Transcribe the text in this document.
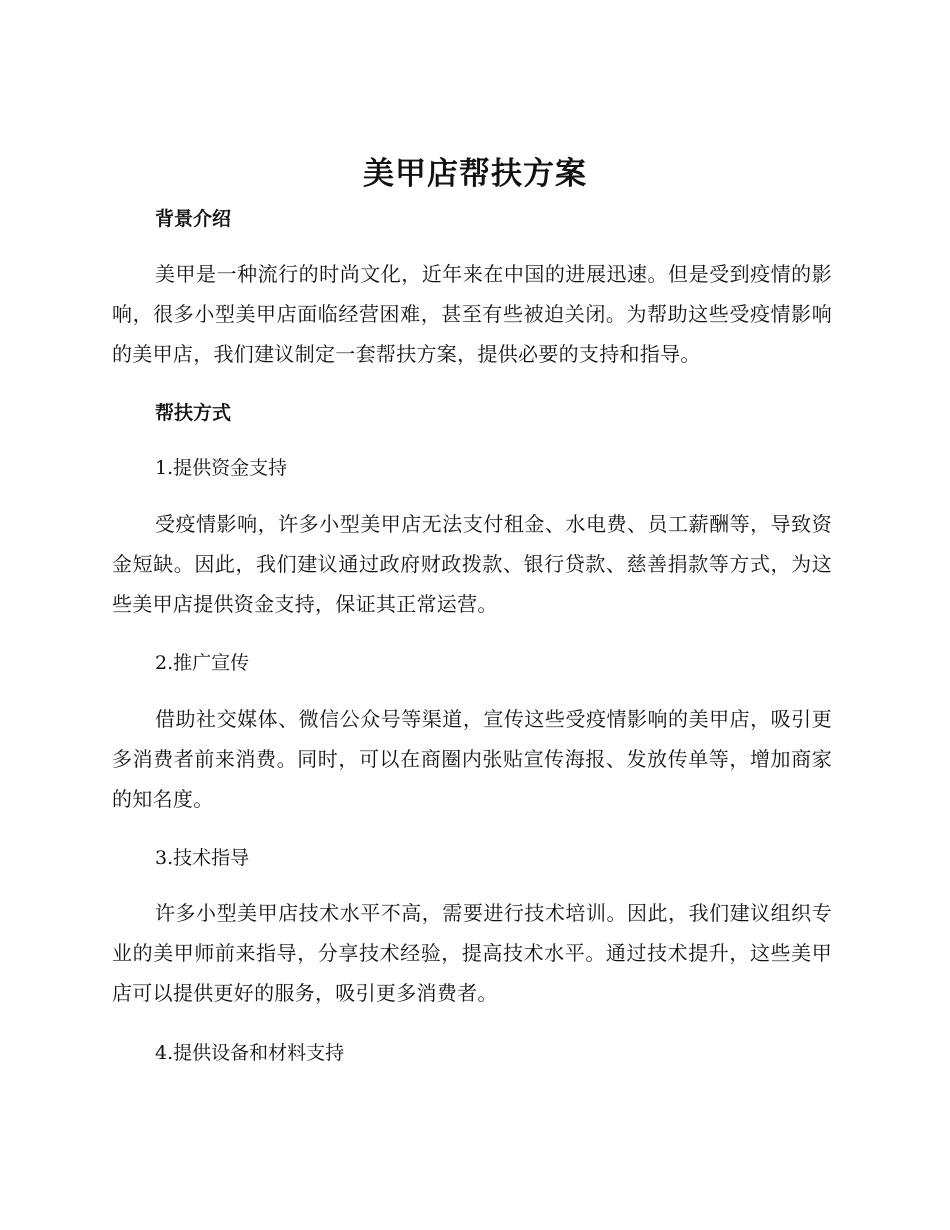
美甲店帮扶方案
背景介绍
美甲是一种流行的时尚文化，近年来在中国的进展迅速。但是受到疫情的影响，很多小型美甲店面临经营困难，甚至有些被迫关闭。为帮助这些受疫情影响的美甲店，我们建议制定一套帮扶方案，提供必要的支持和指导。
帮扶方式
1.提供资金支持
受疫情影响，许多小型美甲店无法支付租金、水电费、员工薪酬等，导致资金短缺。因此，我们建议通过政府财政拨款、银行贷款、慈善捐款等方式，为这些美甲店提供资金支持，保证其正常运营。
2.推广宣传
借助社交媒体、微信公众号等渠道，宣传这些受疫情影响的美甲店，吸引更多消费者前来消费。同时，可以在商圈内张贴宣传海报、发放传单等，增加商家的知名度。
3.技术指导
许多小型美甲店技术水平不高，需要进行技术培训。因此，我们建议组织专业的美甲师前来指导，分享技术经验，提高技术水平。通过技术提升，这些美甲店可以提供更好的服务，吸引更多消费者。
4.提供设备和材料支持
